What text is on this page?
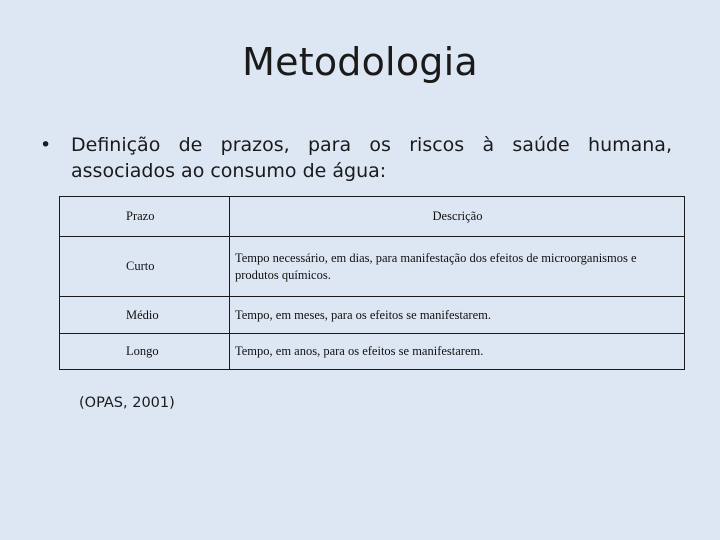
Metodologia
• Definição de prazos, para os riscos à saúde humana, associados ao consumo de água:
Prazo	Descrição
Curto	Tempo necessário, em dias, para manifestação dos efeitos de microorganismos e produtos químicos.
Médio	Tempo, em meses, para os efeitos se manifestarem.
Longo	Tempo, em anos, para os efeitos se manifestarem.
(OPAS, 2001)
